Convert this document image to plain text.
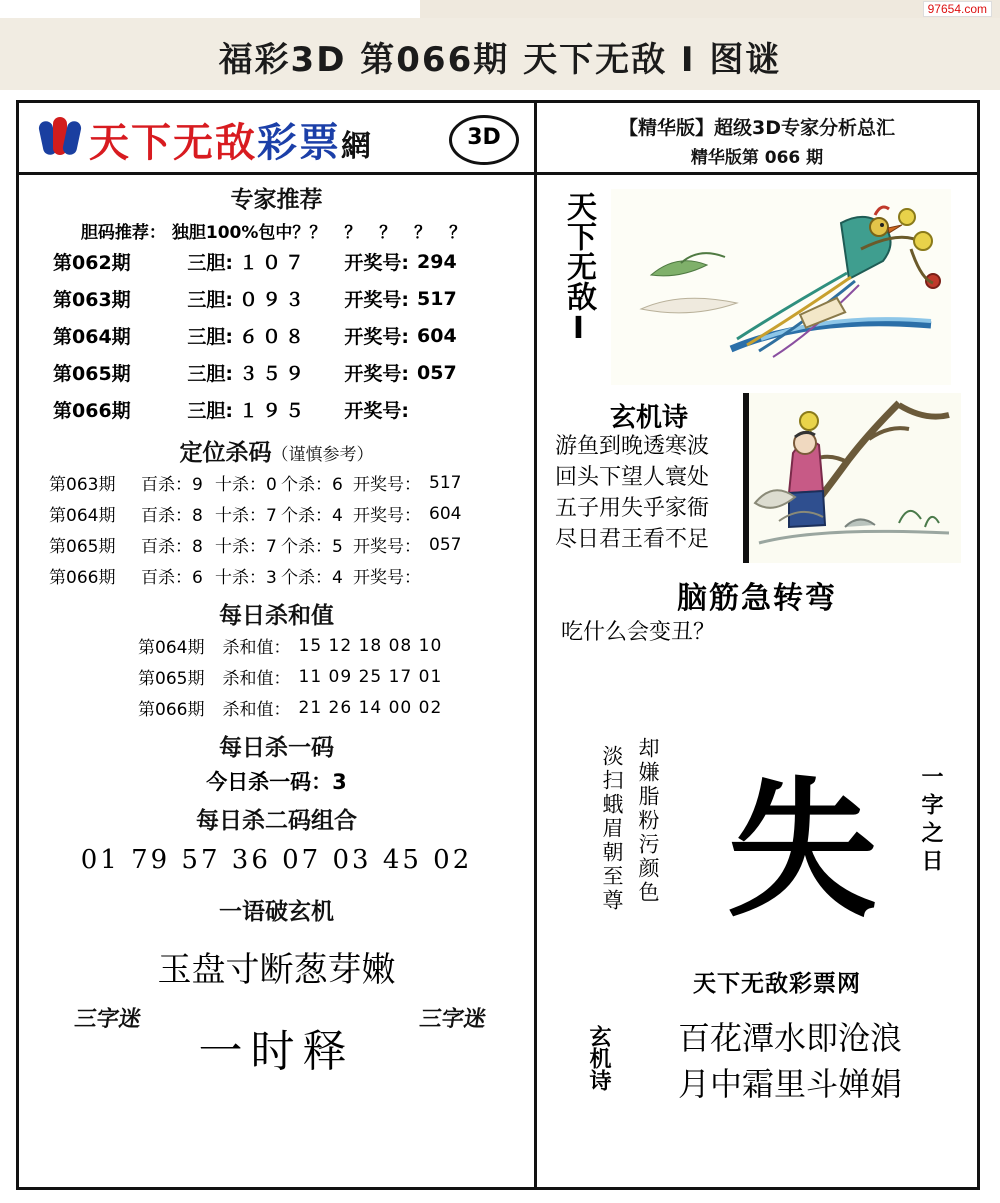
97654.com
福彩3D 第066期 天下无敌 I 图谜
天下无敌彩票網	3D	【精华版】超级3D专家分析总汇
精华版第 066 期
专家推荐
胆码推荐： 独胆100%包中？？ ？ ？ ？ ？
第062期	三胆: １０７	开奖号: 294
第063期	三胆: ０９３	开奖号: 517
第064期	三胆: ６０８	开奖号: 604
第065期	三胆: ３５９	开奖号: 057
第066期	三胆: １９５	开奖号:
定位杀码（谨慎参考）
第063期	百杀：9 十杀：0 个杀：6 开奖号： 517
第064期	百杀：8 十杀：7 个杀：4 开奖号： 604
第065期	百杀：8 十杀：7 个杀：5 开奖号： 057
第066期	百杀：6 十杀：3 个杀：4 开奖号：
每日杀和值
第064期	杀和值： 15 12 18 08 10
第065期	杀和值： 11 09 25 17 01
第066期	杀和值： 21 26 14 00 02
每日杀一码
今日杀一码：3
每日杀二码组合
01 79 57 36 07 03 45 02
一语破玄机
玉盘寸断葱芽嫩
三字迷
一时释
三字迷
天下无敌Ⅰ
玄机诗
游鱼到晚透寒波
回头下望人寰处
五子用失乎家衙
尽日君王看不足
脑筋急转弯
吃什么会变丑？
淡扫蛾眉朝至尊 却嫌脂粉污颜色 失 一字之日
天下无敌彩票网
玄机诗	百花潭水即沧浪
月中霜里斗婵娟
